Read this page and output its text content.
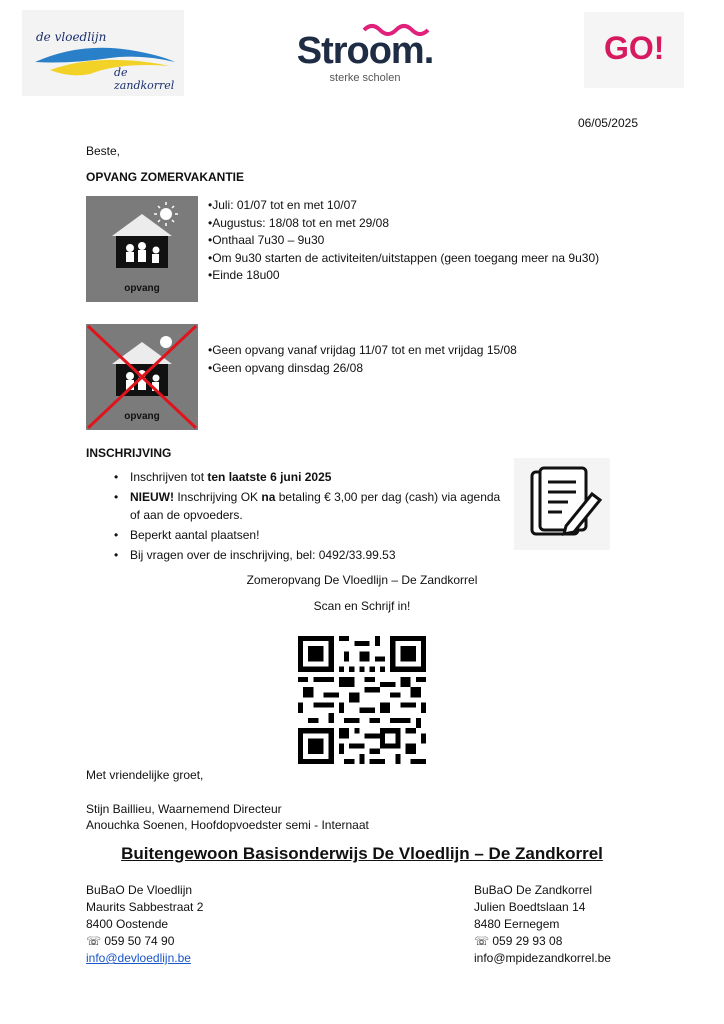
de vloedlijn
de zandkorrel
Stroom.
sterke scholen
GO!
06/05/2025
Beste,
OPVANG ZOMERVAKANTIE
opvang
•Juli: 01/07 tot en met 10/07
•Augustus: 18/08 tot en met 29/08
•Onthaal 7u30 – 9u30
•Om 9u30 starten de activiteiten/uitstappen (geen toegang meer na 9u30)
•Einde 18u00
opvang
•Geen opvang vanaf vrijdag 11/07 tot en met vrijdag 15/08
•Geen opvang dinsdag 26/08
INSCHRIJVING
• Inschrijven tot ten laatste 6 juni 2025
• NIEUW! Inschrijving OK na betaling € 3,00 per dag (cash) via agenda of aan de opvoeders.
• Beperkt aantal plaatsen!
• Bij vragen over de inschrijving, bel: 0492/33.99.53
Zomeropvang De Vloedlijn – De Zandkorrel
Scan en Schrijf in!
Met vriendelijke groet,
Stijn Baillieu, Waarnemend Directeur
Anouchka Soenen, Hoofdopvoedster semi - Internaat
Buitengewoon Basisonderwijs De Vloedlijn – De Zandkorrel
BuBaO De Vloedlijn
Maurits Sabbestraat 2
8400 Oostende
☏ 059 50 74 90
info@devloedlijn.be
BuBaO De Zandkorrel
Julien Boedtslaan 14
8480 Eernegem
☏ 059 29 93 08
info@mpidezandkorrel.be
